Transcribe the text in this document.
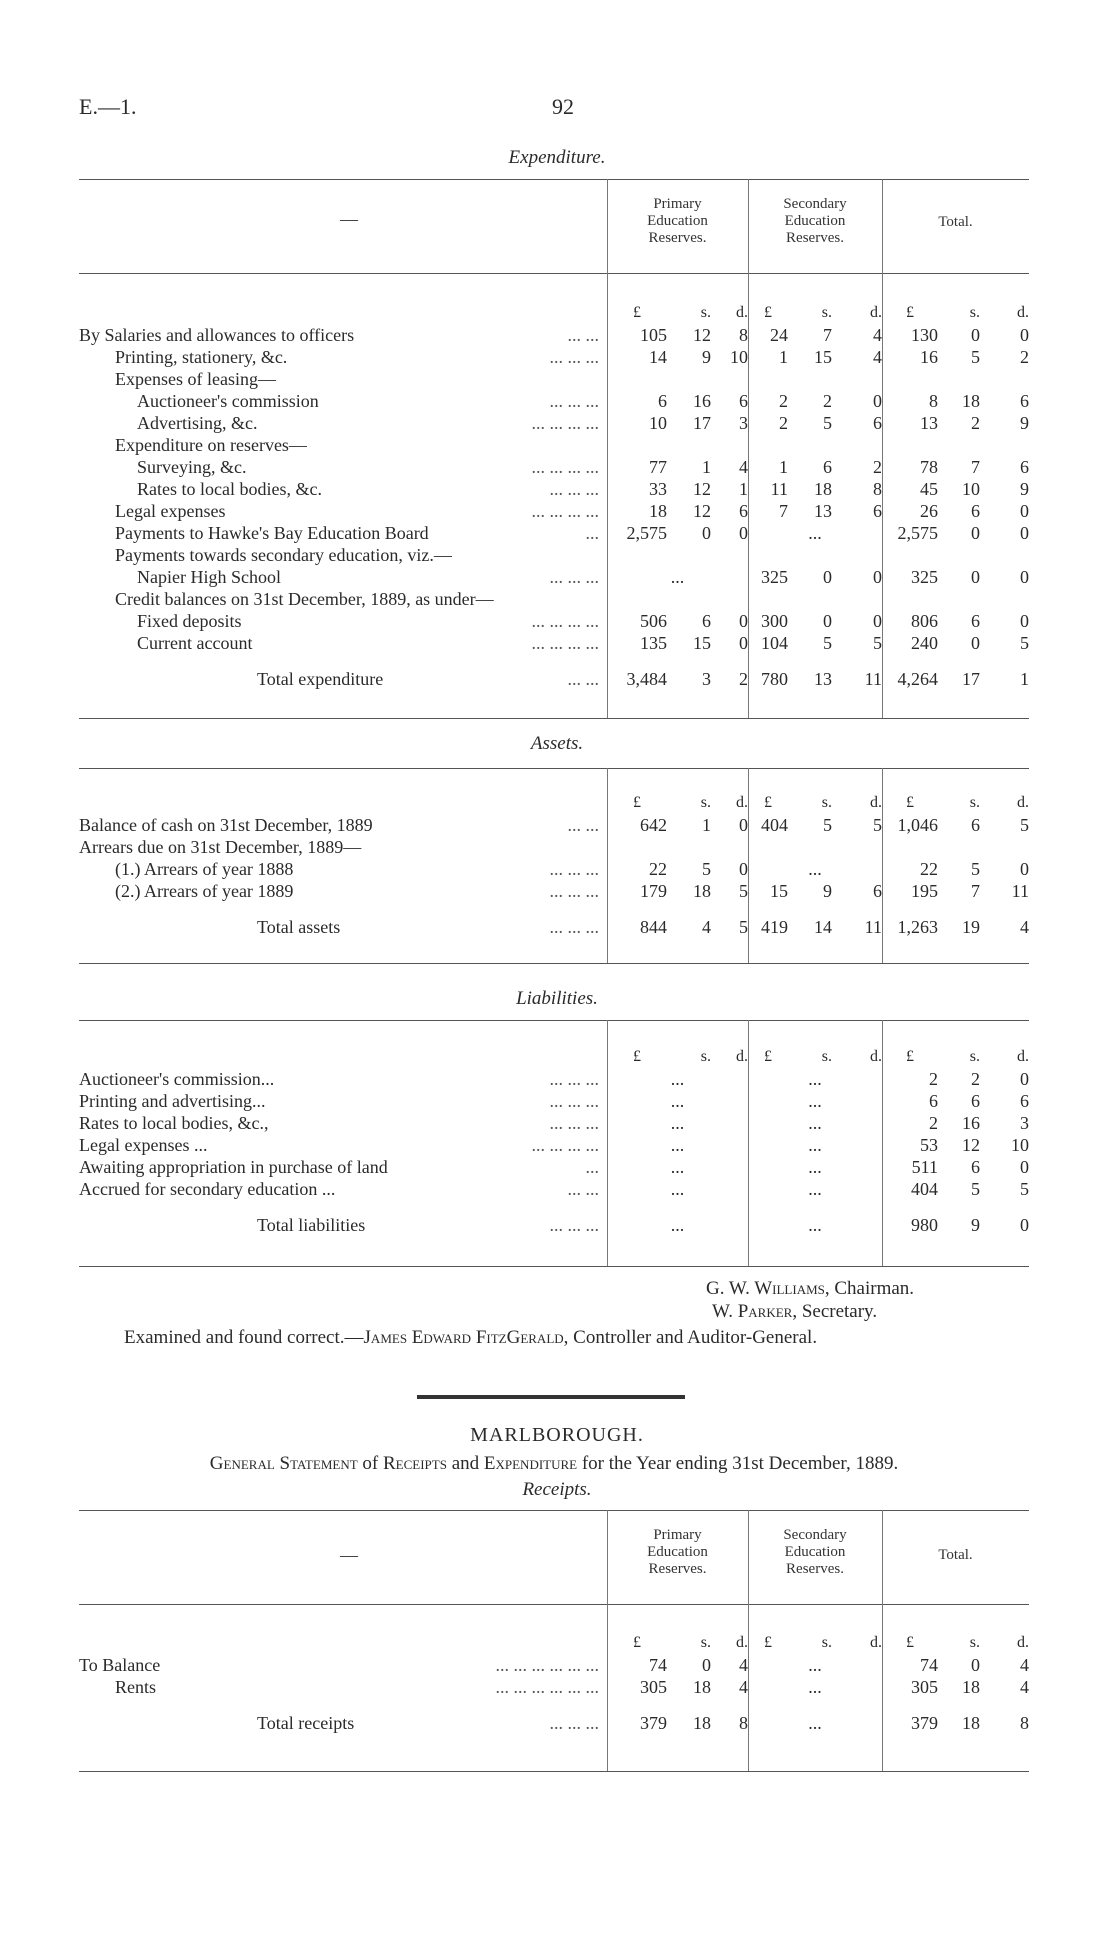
E.—1.	92
Expenditure.
—
Primary
Education
Reserves.
Secondary
Education
Reserves.
Total.
	£	s.	d.	£	s.	d.	£	s.	d.
By Salaries and allowances to officers ... ...	105	12	8	24	7	4	130	0	0
Printing, stationery, &c. ... ... ...	14	9	10	1	15	4	16	5	2
Expenses of leasing—									
Auctioneer's commission ... ... ...	6	16	6	2	2	0	8	18	6
Advertising, &c. ... ... ... ...	10	17	3	2	5	6	13	2	9
Expenditure on reserves—									
Surveying, &c. ... ... ... ...	77	1	4	1	6	2	78	7	6
Rates to local bodies, &c. ... ... ...	33	12	1	11	18	8	45	10	9
Legal expenses ... ... ... ...	18	12	6	7	13	6	26	6	0
Payments to Hawke's Bay Education Board ...	2,575	0	0	...			2,575	0	0
Payments towards secondary education, viz.—									
Napier High School ... ... ...	...			325	0	0	325	0	0
Credit balances on 31st December, 1889, as under—									
Fixed deposits ... ... ... ...	506	6	0	300	0	0	806	6	0
Current account ... ... ... ...	135	15	0	104	5	5	240	0	5
Total expenditure ... ...	3,484	3	2	780	13	11	4,264	17	1
Assets.
	£	s.	d.	£	s.	d.	£	s.	d.
Balance of cash on 31st December, 1889 ... ...	642	1	0	404	5	5	1,046	6	5
Arrears due on 31st December, 1889—									
(1.) Arrears of year 1888 ... ... ...	22	5	0	...			22	5	0
(2.) Arrears of year 1889 ... ... ...	179	18	5	15	9	6	195	7	11
Total assets ... ... ...	844	4	5	419	14	11	1,263	19	4
Liabilities.
	£	s.	d.	£	s.	d.	£	s.	d.
Auctioneer's commission... ... ... ...	...			...			2	2	0
Printing and advertising... ... ... ...	...			...			6	6	6
Rates to local bodies, &c., ... ... ...	...			...			2	16	3
Legal expenses ... ... ... ... ...	...			...			53	12	10
Awaiting appropriation in purchase of land ...	...			...			511	6	0
Accrued for secondary education ... ... ...	...			...			404	5	5
Total liabilities ... ... ...	...			...			980	9	0
G. W. Williams, Chairman.
W. Parker, Secretary.
Examined and found correct.—James Edward FitzGerald, Controller and Auditor-General.
MARLBOROUGH.
General Statement of Receipts and Expenditure for the Year ending 31st December, 1889.
Receipts.
—
Primary
Education
Reserves.
Secondary
Education
Reserves.
Total.
	£	s.	d.	£	s.	d.	£	s.	d.
To Balance ... ... ... ... ... ...	74	0	4	...			74	0	4
Rents ... ... ... ... ... ...	305	18	4	...			305	18	4
Total receipts ... ... ...	379	18	8	...			379	18	8
